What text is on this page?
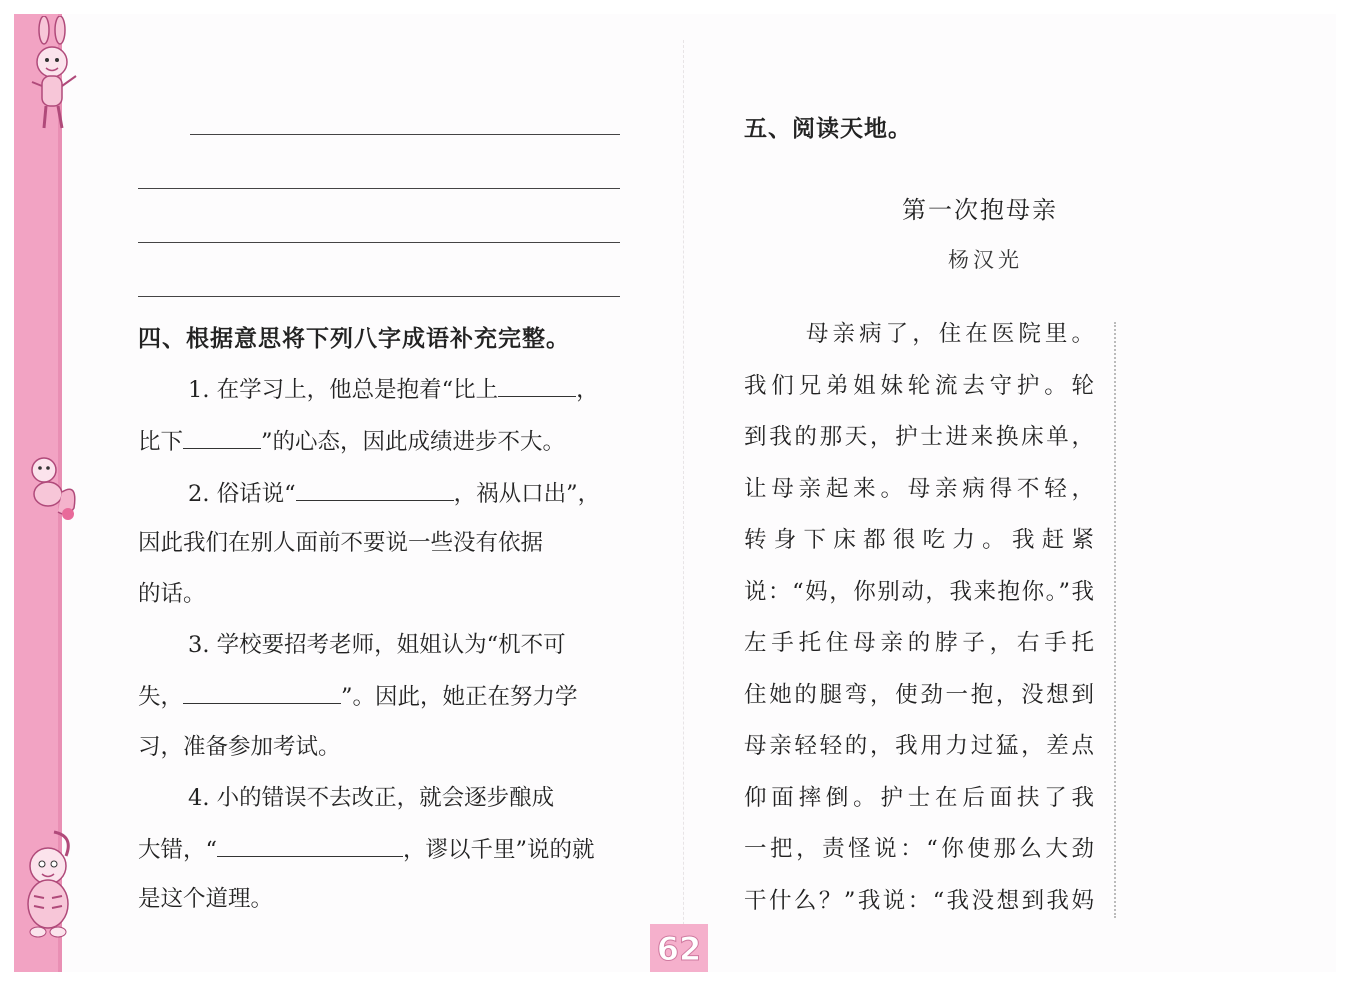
四、根据意思将下列八字成语补充完整。
1. 在学习上，他总是抱着“比上	，
比下	”的心态，因此成绩进步不大。
2. 俗话说“	，祸从口出”，
因此我们在别人面前不要说一些没有依据
的话。
3. 学校要招考老师，姐姐认为“机不可
失，	”。因此，她正在努力学
习，准备参加考试。
4. 小的错误不去改正，就会逐步酿成
大错，“	，谬以千里”说的就
是这个道理。
五、阅读天地。
第一次抱母亲
杨汉光
母亲病了，住在医院里。
我们兄弟姐妹轮流去守护。轮
到我的那天，护士进来换床单，
让母亲起来。母亲病得不轻，
转身下床都很吃力。我赶紧
说：“妈，你别动，我来抱你。”我
左手托住母亲的脖子，右手托
住她的腿弯，使劲一抱，没想到
母亲轻轻的，我用力过猛，差点
仰面摔倒。护士在后面扶了我
一把，责怪说：“你使那么大劲
干什么？”我说：“我没想到我妈
62
